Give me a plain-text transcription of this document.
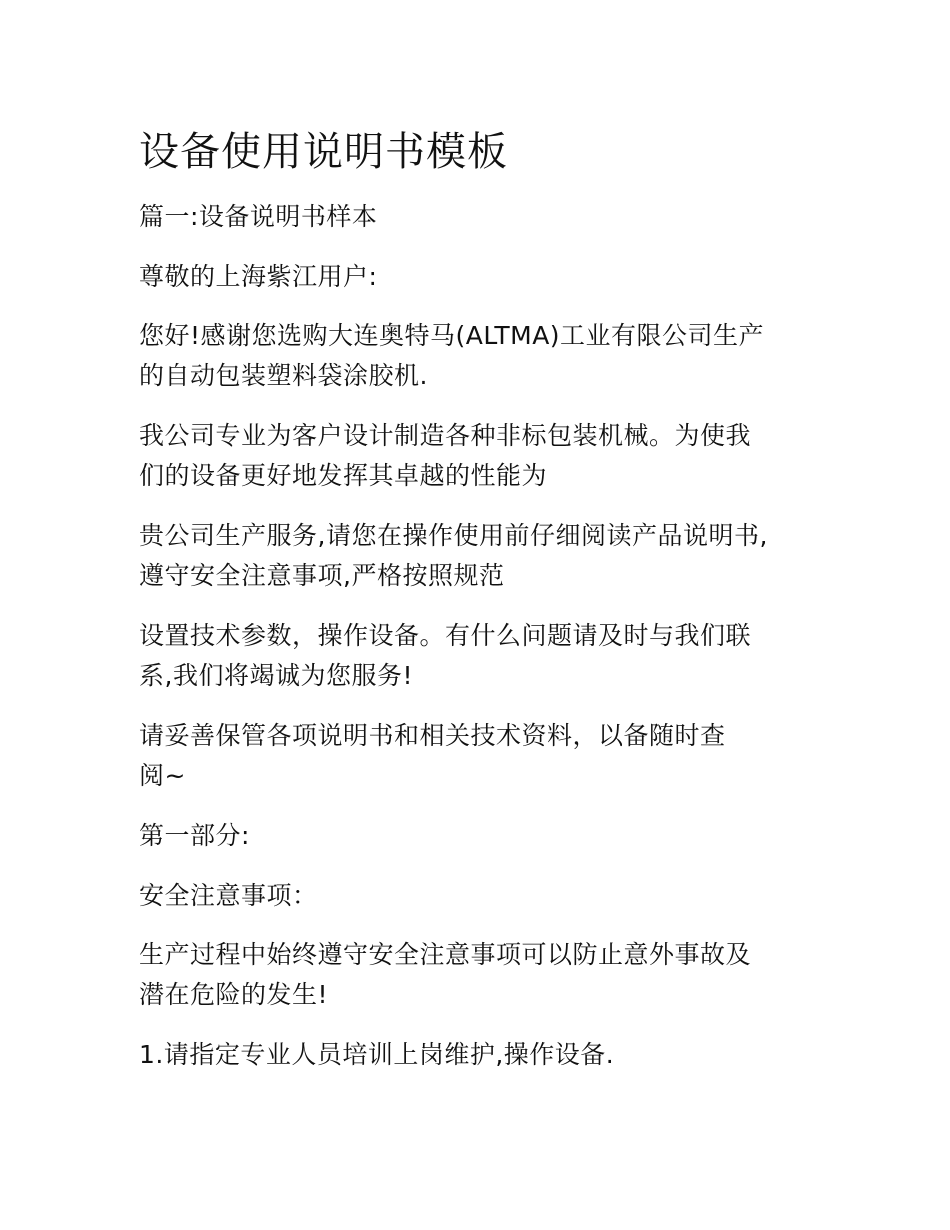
设备使用说明书模板

篇一:设备说明书样本

尊敬的上海紫江用户:

您好!感谢您选购大连奥特马(ALTMA)工业有限公司生产
的自动包装塑料袋涂胶机.

我公司专业为客户设计制造各种非标包装机械。为使我
们的设备更好地发挥其卓越的性能为

贵公司生产服务,请您在操作使用前仔细阅读产品说明书,
遵守安全注意事项,严格按照规范

设置技术参数，操作设备。有什么问题请及时与我们联
系,我们将竭诚为您服务!

请妥善保管各项说明书和相关技术资料，以备随时查
阅~

第一部分:

安全注意事项：

生产过程中始终遵守安全注意事项可以防止意外事故及
潜在危险的发生!

1.请指定专业人员培训上岗维护,操作设备.
